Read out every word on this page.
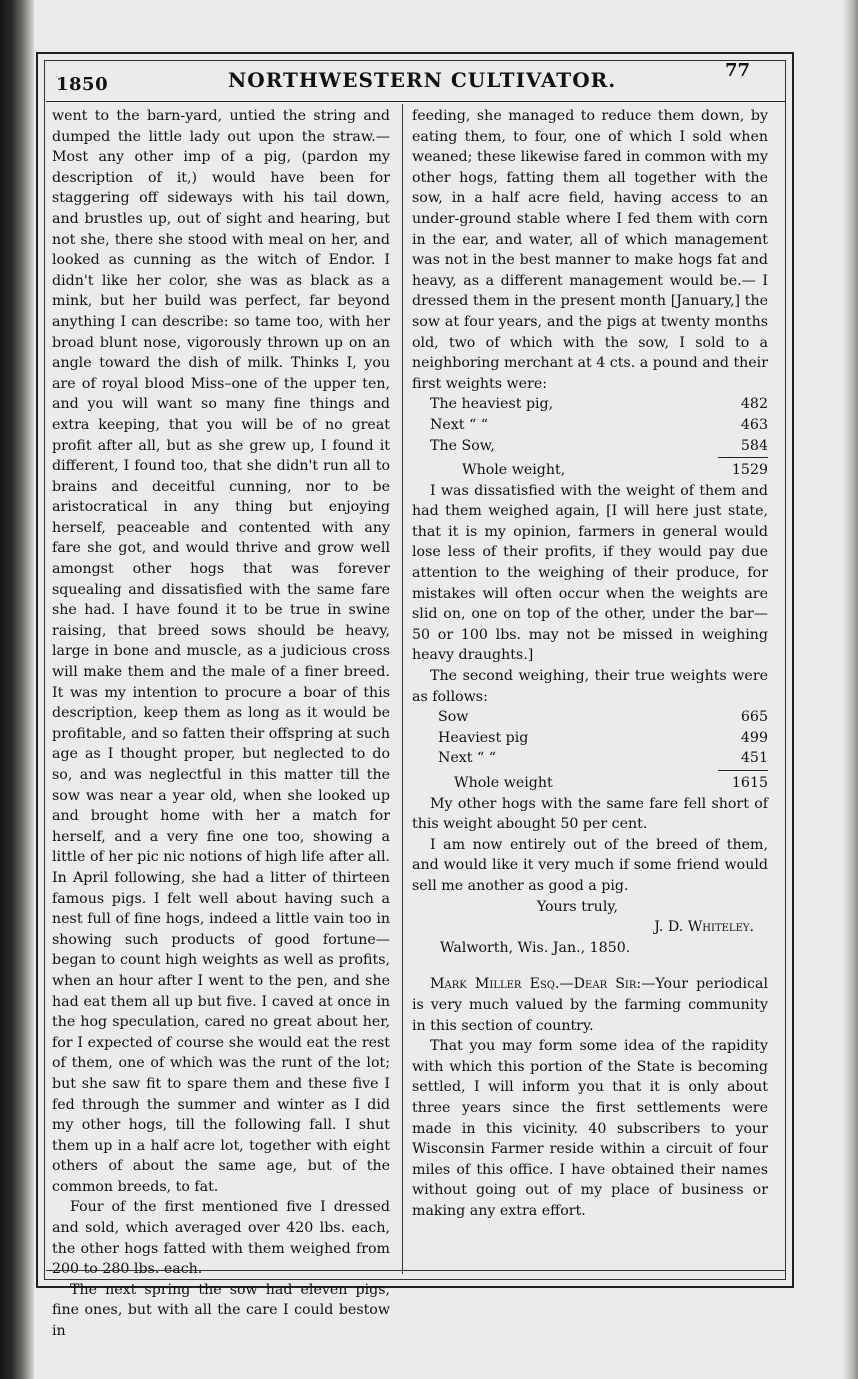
1850	NORTHWESTERN CULTIVATOR.	77

went to the barn-yard, untied the string and dumped the little lady out upon the straw.— Most any other imp of a pig, (pardon my description of it,) would have been for staggering off sideways with his tail down, and brustles up, out of sight and hearing, but not she, there she stood with meal on her, and looked as cunning as the witch of Endor. I didn't like her color, she was as black as a mink, but her build was perfect, far beyond anything I can describe: so tame too, with her broad blunt nose, vigorously thrown up on an angle toward the dish of milk. Thinks I, you are of royal blood Miss–one of the upper ten, and you will want so many fine things and extra keeping, that you will be of no great profit after all, but as she grew up, I found it different, I found too, that she didn't run all to brains and deceitful cunning, nor to be aristocratical in any thing but enjoying herself, peaceable and contented with any fare she got, and would thrive and grow well amongst other hogs that was forever squealing and dissatisfied with the same fare she had. I have found it to be true in swine raising, that breed sows should be heavy, large in bone and muscle, as a judicious cross will make them and the male of a finer breed. It was my intention to procure a boar of this description, keep them as long as it would be profitable, and so fatten their offspring at such age as I thought proper, but neglected to do so, and was neglectful in this matter till the sow was near a year old, when she looked up and brought home with her a match for herself, and a very fine one too, showing a little of her pic nic notions of high life after all. In April following, she had a litter of thirteen famous pigs. I felt well about having such a nest full of fine hogs, indeed a little vain too in showing such products of good fortune—began to count high weights as well as profits, when an hour after I went to the pen, and she had eat them all up but five. I caved at once in the hog speculation, cared no great about her, for I expected of course she would eat the rest of them, one of which was the runt of the lot; but she saw fit to spare them and these five I fed through the summer and winter as I did my other hogs, till the following fall. I shut them up in a half acre lot, together with eight others of about the same age, but of the common breeds, to fat.

Four of the first mentioned five I dressed and sold, which averaged over 420 lbs. each, the other hogs fatted with them weighed from 200 to 280 lbs. each.

The next spring the sow had eleven pigs, fine ones, but with all the care I could bestow in

feeding, she managed to reduce them down, by eating them, to four, one of which I sold when weaned; these likewise fared in common with my other hogs, fatting them all together with the sow, in a half acre field, having access to an under-ground stable where I fed them with corn in the ear, and water, all of which management was not in the best manner to make hogs fat and heavy, as a different management would be.— I dressed them in the present month [January,] the sow at four years, and the pigs at twenty months old, two of which with the sow, I sold to a neighboring merchant at 4 cts. a pound and their first weights were:

The heaviest pig,	482
Next “ “	463
The Sow,	584
Whole weight,	1529

I was dissatisfied with the weight of them and had them weighed again, [I will here just state, that it is my opinion, farmers in general would lose less of their profits, if they would pay due attention to the weighing of their produce, for mistakes will often occur when the weights are slid on, one on top of the other, under the bar— 50 or 100 lbs. may not be missed in weighing heavy draughts.]

The second weighing, their true weights were as follows:

Sow	665
Heaviest pig	499
Next “ “	451
Whole weight	1615

My other hogs with the same fare fell short of this weight abought 50 per cent.

I am now entirely out of the breed of them, and would like it very much if some friend would sell me another as good a pig.

Yours truly,

J. D. Whiteley.

Walworth, Wis. Jan., 1850.

Mark Miller Esq.—Dear Sir:—Your periodical is very much valued by the farming community in this section of country.

That you may form some idea of the rapidity with which this portion of the State is becoming settled, I will inform you that it is only about three years since the first settlements were made in this vicinity. 40 subscribers to your Wisconsin Farmer reside within a circuit of four miles of this office. I have obtained their names without going out of my place of business or making any extra effort.
